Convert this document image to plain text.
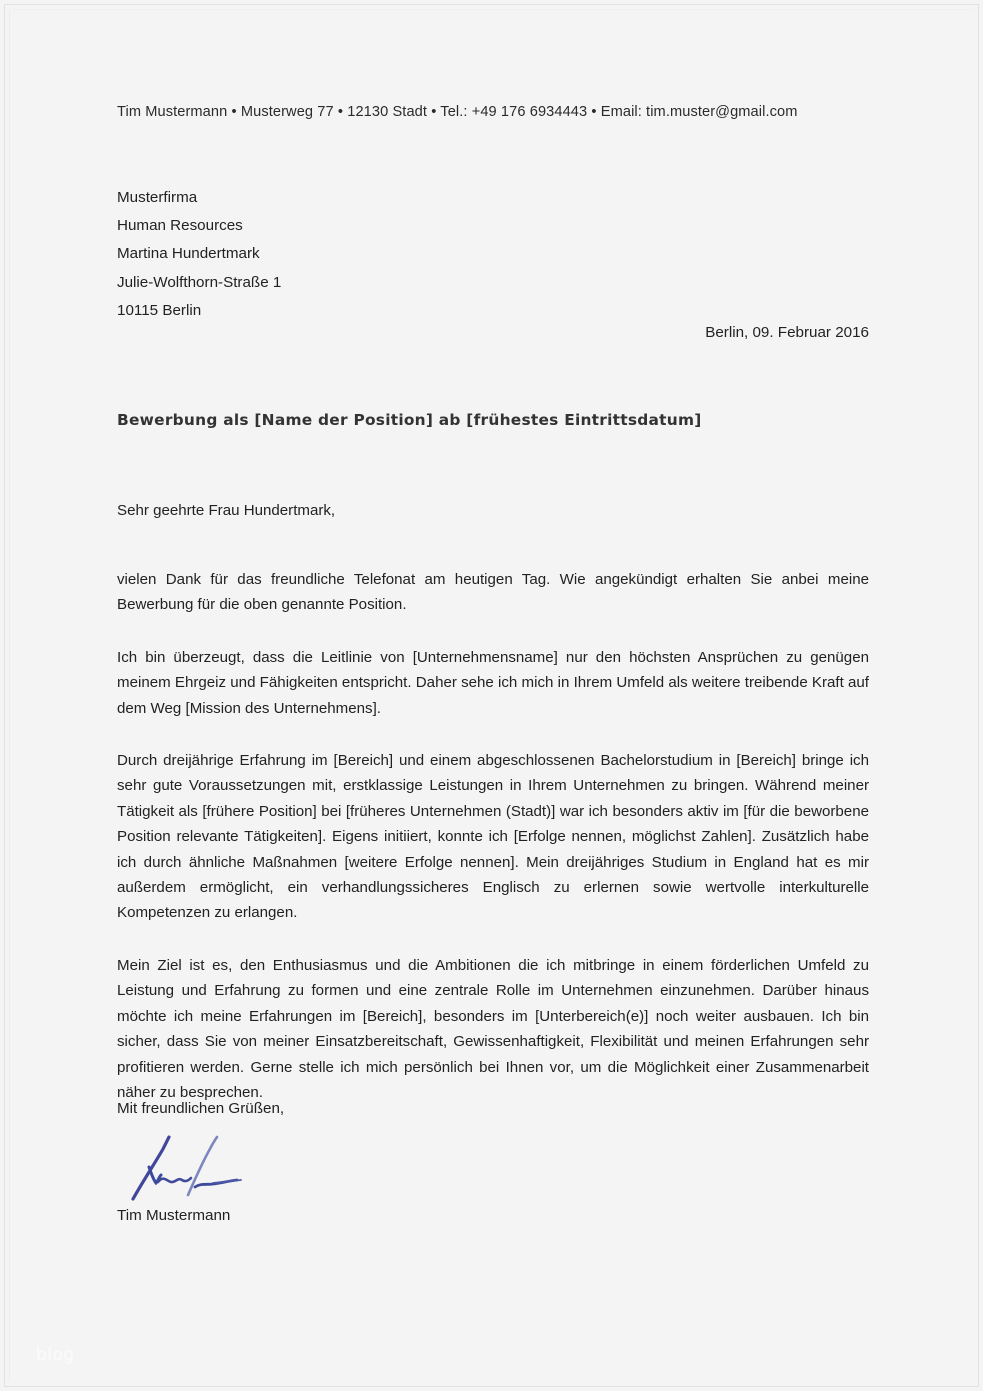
Tim Mustermann • Musterweg 77 • 12130 Stadt • Tel.: +49 176 6934443 • Email: tim.muster@gmail.com
Musterfirma
Human Resources
Martina Hundertmark
Julie-Wolfthorn-Straße 1
10115 Berlin
Berlin, 09. Februar 2016
Bewerbung als [Name der Position] ab [frühestes Eintrittsdatum]
Sehr geehrte Frau Hundertmark,

vielen Dank für das freundliche Telefonat am heutigen Tag. Wie angekündigt erhalten Sie anbei meine Bewerbung für die oben genannte Position.

Ich bin überzeugt, dass die Leitlinie von [Unternehmensname] nur den höchsten Ansprüchen zu genügen meinem Ehrgeiz und Fähigkeiten entspricht. Daher sehe ich mich in Ihrem Umfeld als weitere treibende Kraft auf dem Weg [Mission des Unternehmens].

Durch dreijährige Erfahrung im [Bereich] und einem abgeschlossenen Bachelorstudium in [Bereich] bringe ich sehr gute Voraussetzungen mit, erstklassige Leistungen in Ihrem Unternehmen zu bringen. Während meiner Tätigkeit als [frühere Position] bei [früheres Unternehmen (Stadt)] war ich besonders aktiv im [für die beworbene Position relevante Tätigkeiten]. Eigens initiiert, konnte ich [Erfolge nennen, möglichst Zahlen]. Zusätzlich habe ich durch ähnliche Maßnahmen [weitere Erfolge nennen]. Mein dreijähriges Studium in England hat es mir außerdem ermöglicht, ein verhandlungssicheres Englisch zu erlernen sowie wertvolle interkulturelle Kompetenzen zu erlangen.

Mein Ziel ist es, den Enthusiasmus und die Ambitionen die ich mitbringe in einem förderlichen Umfeld zu Leistung und Erfahrung zu formen und eine zentrale Rolle im Unternehmen einzunehmen. Darüber hinaus möchte ich meine Erfahrungen im [Bereich], besonders im [Unterbereich(e)] noch weiter ausbauen. Ich bin sicher, dass Sie von meiner Einsatzbereitschaft, Gewissenhaftigkeit, Flexibilität und meinen Erfahrungen sehr profitieren werden. Gerne stelle ich mich persönlich bei Ihnen vor, um die Möglichkeit einer Zusammenarbeit näher zu besprechen.

Mit freundlichen Grüßen,
Tim Mustermann
blog
